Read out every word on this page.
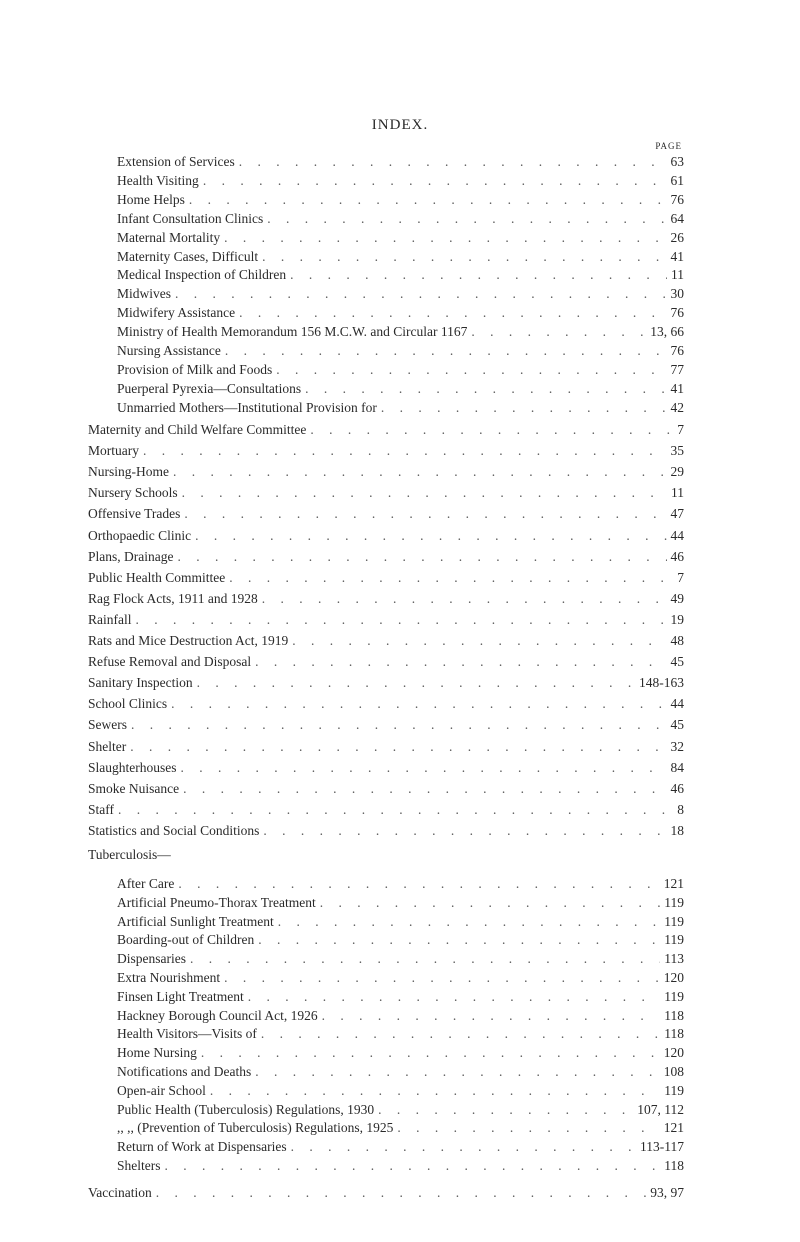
INDEX.
PAGE
Extension of Services . . .	63
Health Visiting . . .	61
Home Helps . . .	76
Infant Consultation Clinics . . .	64
Maternal Mortality . . .	26
Maternity Cases, Difficult . . .	41
Medical Inspection of Children . . .	11
Midwives . . .	30
Midwifery Assistance . . .	76
Ministry of Health Memorandum 156 M.C.W. and Circular 1167 . . .	13, 66
Nursing Assistance . . .	76
Provision of Milk and Foods . . .	77
Puerperal Pyrexia—Consultations . . .	41
Unmarried Mothers—Institutional Provision for . . .	42
Maternity and Child Welfare Committee . . .	7
Mortuary . . .	35
Nursing-Home . . .	29
Nursery Schools . . .	11
Offensive Trades . . .	47
Orthopaedic Clinic . . .	44
Plans, Drainage . . .	46
Public Health Committee . . .	7
Rag Flock Acts, 1911 and 1928 . . .	49
Rainfall . . .	19
Rats and Mice Destruction Act, 1919 . . .	48
Refuse Removal and Disposal . . .	45
Sanitary Inspection . . .	148-163
School Clinics . . .	44
Sewers . . .	45
Shelter . . .	32
Slaughterhouses . . .	84
Smoke Nuisance . . .	46
Staff . . .	8
Statistics and Social Conditions . . .	18
Tuberculosis—
After Care . . .	121
Artificial Pneumo-Thorax Treatment . . .	119
Artificial Sunlight Treatment . . .	119
Boarding-out of Children . . .	119
Dispensaries . . .	113
Extra Nourishment . . .	120
Finsen Light Treatment . . .	119
Hackney Borough Council Act, 1926 . . .	118
Health Visitors—Visits of . . .	118
Home Nursing . . .	120
Notifications and Deaths . . .	108
Open-air School . . .	119
Public Health (Tuberculosis) Regulations, 1930 . . .	107, 112
,, ,, (Prevention of Tuberculosis) Regulations, 1925 . . .	121
Return of Work at Dispensaries . . .	113-117
Shelters . . .	118
Vaccination . . .	93, 97
